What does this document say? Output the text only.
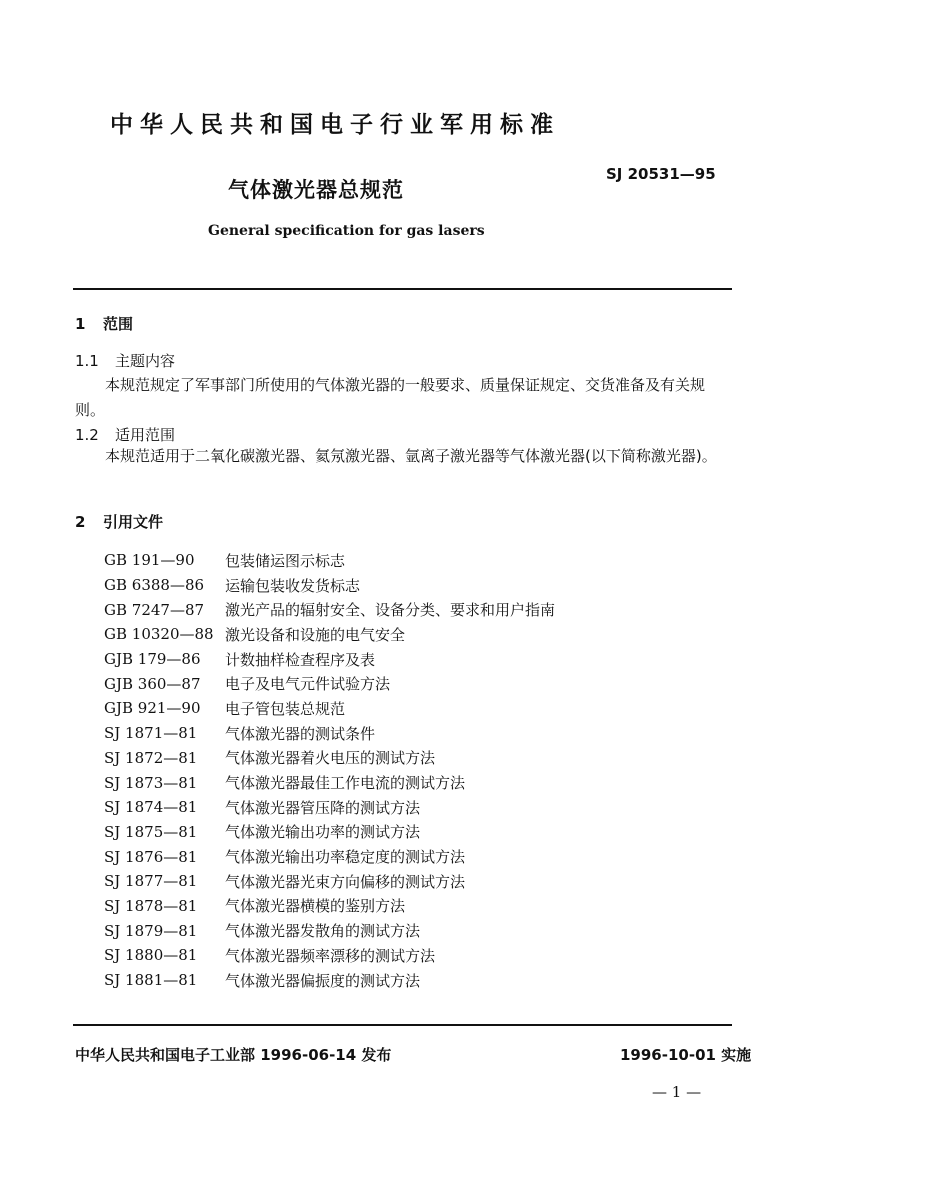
中华人民共和国电子行业军用标准
气体激光器总规范
SJ 20531—95
General specification for gas lasers
1 范围
1.1 主题内容
本规范规定了军事部门所使用的气体激光器的一般要求、质量保证规定、交货准备及有关规则。
1.2 适用范围
本规范适用于二氧化碳激光器、氦氖激光器、氩离子激光器等气体激光器(以下简称激光器)。
2 引用文件
GB 191—90	包装储运图示标志
GB 6388—86	运输包装收发货标志
GB 7247—87	激光产品的辐射安全、设备分类、要求和用户指南
GB 10320—88 激光设备和设施的电气安全
GJB 179—86	计数抽样检查程序及表
GJB 360—87	电子及电气元件试验方法
GJB 921—90	电子管包装总规范
SJ 1871—81	气体激光器的测试条件
SJ 1872—81	气体激光器着火电压的测试方法
SJ 1873—81	气体激光器最佳工作电流的测试方法
SJ 1874—81	气体激光器管压降的测试方法
SJ 1875—81	气体激光输出功率的测试方法
SJ 1876—81	气体激光输出功率稳定度的测试方法
SJ 1877—81	气体激光器光束方向偏移的测试方法
SJ 1878—81	气体激光器横模的鉴别方法
SJ 1879—81	气体激光器发散角的测试方法
SJ 1880—81	气体激光器频率漂移的测试方法
SJ 1881—81	气体激光器偏振度的测试方法
中华人民共和国电子工业部 1996-06-14 发布	1996-10-01 实施
— 1 —
